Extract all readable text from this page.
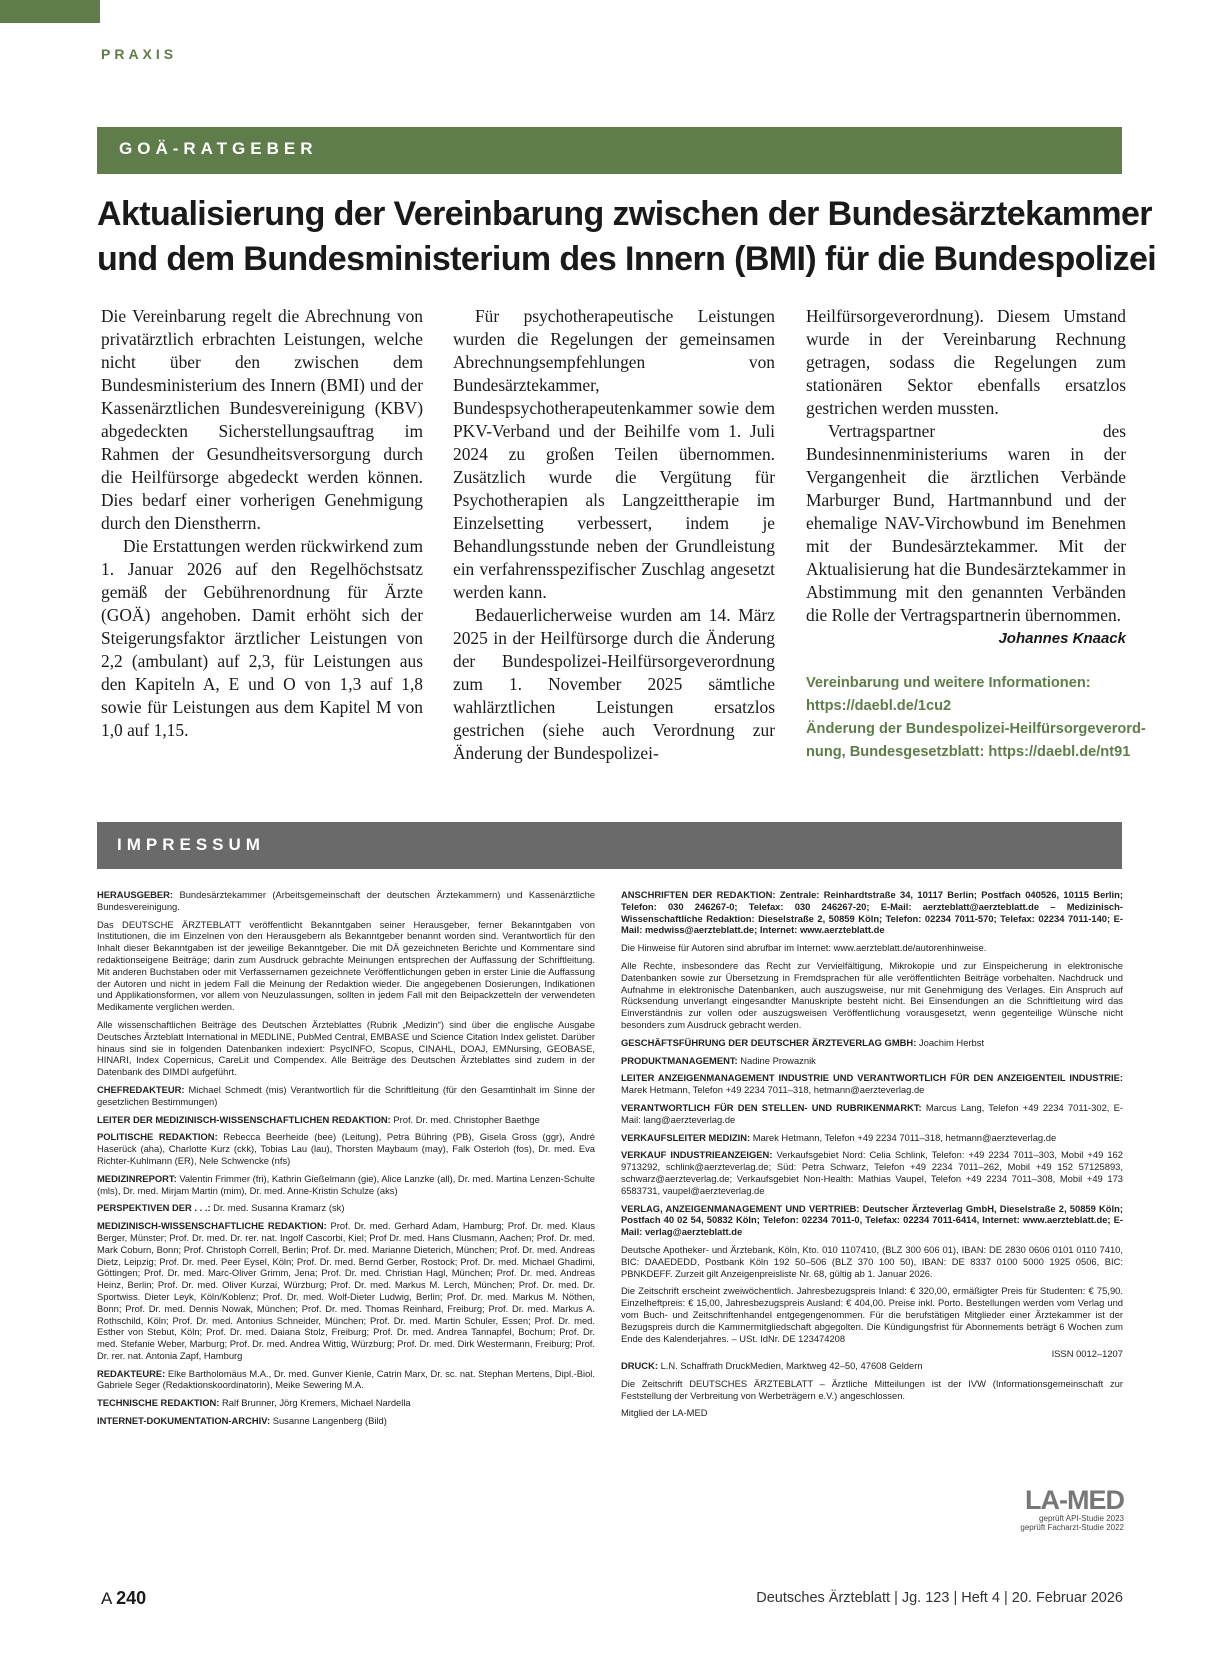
PRAXIS
GOÄ-RATGEBER
Aktualisierung der Vereinbarung zwischen der Bundesärztekammer
und dem Bundesministerium des Innern (BMI) für die Bundespolizei

Die Vereinbarung regelt die Abrechnung von privatärztlich erbrachten Leistungen, welche nicht über den zwischen dem Bundesministerium des Innern (BMI) und der Kassenärztlichen Bundesvereinigung (KBV) abgedeckten Sicherstellungsauftrag im Rahmen der Gesundheitsversorgung durch die Heilfürsorge abgedeckt werden können. Dies bedarf einer vorherigen Genehmigung durch den Dienstherrn.

Die Erstattungen werden rückwirkend zum 1. Januar 2026 auf den Regelhöchstsatz gemäß der Gebührenordnung für Ärzte (GOÄ) angehoben. Damit erhöht sich der Steigerungsfaktor ärztlicher Leistungen von 2,2 (ambulant) auf 2,3, für Leistungen aus den Kapiteln A, E und O von 1,3 auf 1,8 sowie für Leistungen aus dem Kapitel M von 1,0 auf 1,15.

Für psychotherapeutische Leistungen wurden die Regelungen der gemeinsamen Abrechnungsempfehlungen von Bundesärztekammer, Bundespsychotherapeutenkammer sowie dem PKV-Verband und der Beihilfe vom 1. Juli 2024 zu großen Teilen übernommen. Zusätzlich wurde die Vergütung für Psychotherapien als Langzeittherapie im Einzelsetting verbessert, indem je Behandlungsstunde neben der Grundleistung ein verfahrensspezifischer Zuschlag angesetzt werden kann.

Bedauerlicherweise wurden am 14. März 2025 in der Heilfürsorge durch die Änderung der Bundespolizei-Heilfürsorgeverordnung zum 1. November 2025 sämtliche wahlärztlichen Leistungen ersatzlos gestrichen (siehe auch Verordnung zur Änderung der Bundespolizei-

Heilfürsorgeverordnung). Diesem Umstand wurde in der Vereinbarung Rechnung getragen, sodass die Regelungen zum stationären Sektor ebenfalls ersatzlos gestrichen werden mussten.

Vertragspartner des Bundesinnenministeriums waren in der Vergangenheit die ärztlichen Verbände Marburger Bund, Hartmannbund und der ehemalige NAV-Virchowbund im Benehmen mit der Bundesärztekammer. Mit der Aktualisierung hat die Bundesärztekammer in Abstimmung mit den genannten Verbänden die Rolle der Vertragspartnerin übernommen.
Johannes Knaack

Vereinbarung und weitere Informationen:
https://daebl.de/1cu2
Änderung der Bundespolizei-Heilfürsorgeverord-
nung, Bundesgesetzblatt: https://daebl.de/nt91
IMPRESSUM

HERAUSGEBER: Bundesärztekammer (Arbeitsgemeinschaft der deutschen Ärztekammern) und Kassenärztliche Bundesvereinigung.

Das DEUTSCHE ÄRZTEBLATT veröffentlicht Bekanntgaben seiner Herausgeber, ferner Bekanntgaben von Institutionen, die im Einzelnen von den Herausgebern als Bekanntgeber benannt worden sind. Verantwortlich für den Inhalt dieser Bekanntgaben ist der jeweilige Bekanntgeber. Die mit DÄ gezeichneten Berichte und Kommentare sind redaktionseigene Beiträge; darin zum Ausdruck gebrachte Meinungen entsprechen der Auffassung der Schriftleitung. Mit anderen Buchstaben oder mit Verfassernamen gezeichnete Veröffentlichungen geben in erster Linie die Auffassung der Autoren und nicht in jedem Fall die Meinung der Redaktion wieder. Die angegebenen Dosierungen, Indikationen und Applikationsformen, vor allem von Neuzulassungen, sollten in jedem Fall mit den Beipackzetteln der verwendeten Medikamente verglichen werden.

Alle wissenschaftlichen Beiträge des Deutschen Ärzteblattes (Rubrik „Medizin“) sind über die englische Ausgabe Deutsches Ärzteblatt International in MEDLINE, PubMed Central, EMBASE und Science Citation Index gelistet. Darüber hinaus sind sie in folgenden Datenbanken indexiert: PsycINFO, Scopus, CINAHL, DOAJ, EMNursing, GEOBASE, HINARI, Index Copernicus, CareLit und Compendex. Alle Beiträge des Deutschen Ärzteblattes sind zudem in der Datenbank des DIMDI aufgeführt.

CHEFREDAKTEUR: Michael Schmedt (mis) Verantwortlich für die Schriftleitung (für den Gesamtinhalt im Sinne der gesetzlichen Bestimmungen)

LEITER DER MEDIZINISCH-WISSENSCHAFTLICHEN REDAKTION: Prof. Dr. med. Christopher Baethge

POLITISCHE REDAKTION: Rebecca Beerheide (bee) (Leitung), Petra Bühring (PB), Gisela Gross (ggr), André Haserück (aha), Charlotte Kurz (ckk), Tobias Lau (lau), Thorsten Maybaum (may), Falk Osterloh (fos), Dr. med. Eva Richter-Kuhlmann (ER), Nele Schwencke (nfs)

MEDIZINREPORT: Valentin Frimmer (fri), Kathrin Gießelmann (gie), Alice Lanzke (all), Dr. med. Martina Lenzen-Schulte (mls), Dr. med. Mirjam Martin (mim), Dr. med. Anne-Kristin Schulze (aks)

PERSPEKTIVEN DER . . .: Dr. med. Susanna Kramarz (sk)

MEDIZINISCH-WISSENSCHAFTLICHE REDAKTION: Prof. Dr. med. Gerhard Adam, Hamburg; Prof. Dr. med. Klaus Berger, Münster; Prof. Dr. med. Dr. rer. nat. Ingolf Cascorbi, Kiel; Prof Dr. med. Hans Clusmann, Aachen; Prof. Dr. med. Mark Coburn, Bonn; Prof. Christoph Correll, Berlin; Prof. Dr. med. Marianne Dieterich, München; Prof. Dr. med. Andreas Dietz, Leipzig; Prof. Dr. med. Peer Eysel, Köln; Prof. Dr. med. Bernd Gerber, Rostock; Prof. Dr. med. Michael Ghadimi, Göttingen; Prof. Dr. med. Marc-Oliver Grimm, Jena; Prof. Dr. med. Christian Hagl, München; Prof. Dr. med. Andreas Heinz, Berlin; Prof. Dr. med. Oliver Kurzai, Würzburg; Prof. Dr. med. Markus M. Lerch, München; Prof. Dr. med. Dr. Sportwiss. Dieter Leyk, Köln/Koblenz; Prof. Dr. med. Wolf-Dieter Ludwig, Berlin; Prof. Dr. med. Markus M. Nöthen, Bonn; Prof. Dr. med. Dennis Nowak, München; Prof. Dr. med. Thomas Reinhard, Freiburg; Prof. Dr. med. Markus A. Rothschild, Köln; Prof. Dr. med. Antonius Schneider, München; Prof. Dr. med. Martin Schuler, Essen; Prof. Dr. med. Esther von Stebut, Köln; Prof. Dr. med. Daiana Stolz, Freiburg; Prof. Dr. med. Andrea Tannapfel, Bochum; Prof. Dr. med. Stefanie Weber, Marburg; Prof. Dr. med. Andrea Wittig, Würzburg; Prof. Dr. med. Dirk Westermann, Freiburg; Prof. Dr. rer. nat. Antonia Zapf, Hamburg

REDAKTEURE: Elke Bartholomäus M.A., Dr. med. Gunver Kienle, Catrin Marx, Dr. sc. nat. Stephan Mertens, Dipl.-Biol. Gabriele Seger (Redaktionskoordinatorin), Meike Sewering M.A.

TECHNISCHE REDAKTION: Ralf Brunner, Jörg Kremers, Michael Nardella

INTERNET-DOKUMENTATION-ARCHIV: Susanne Langenberg (Bild)

ANSCHRIFTEN DER REDAKTION: Zentrale: Reinhardtstraße 34, 10117 Berlin; Postfach 040526, 10115 Berlin; Telefon: 030 246267-0; Telefax: 030 246267-20; E-Mail: aerzteblatt@aerzteblatt.de – Medizinisch-Wissenschaftliche Redaktion: Dieselstraße 2, 50859 Köln; Telefon: 02234 7011-570; Telefax: 02234 7011-140; E-Mail: medwiss@aerzteblatt.de; Internet: www.aerzteblatt.de

Die Hinweise für Autoren sind abrufbar im Internet: www.aerzteblatt.de/autorenhinweise.

Alle Rechte, insbesondere das Recht zur Vervielfältigung, Mikrokopie und zur Einspeicherung in elektronische Datenbanken sowie zur Übersetzung in Fremdsprachen für alle veröffentlichten Beiträge vorbehalten. Nachdruck und Aufnahme in elektronische Datenbanken, auch auszugsweise, nur mit Genehmigung des Verlages. Ein Anspruch auf Rücksendung unverlangt eingesandter Manuskripte besteht nicht. Bei Einsendungen an die Schriftleitung wird das Einverständnis zur vollen oder auszugsweisen Veröffentlichung vorausgesetzt, wenn gegenteilige Wünsche nicht besonders zum Ausdruck gebracht werden.

GESCHÄFTSFÜHRUNG DER DEUTSCHER ÄRZTEVERLAG GMBH: Joachim Herbst

PRODUKTMANAGEMENT: Nadine Prowaznik

LEITER ANZEIGENMANAGEMENT INDUSTRIE UND VERANTWORTLICH FÜR DEN ANZEIGENTEIL INDUSTRIE: Marek Hetmann, Telefon +49 2234 7011–318, hetmann@aerzteverlag.de

VERANTWORTLICH FÜR DEN STELLEN- UND RUBRIKENMARKT: Marcus Lang, Telefon +49 2234 7011-302, E-Mail: lang@aerzteverlag.de

VERKAUFSLEITER MEDIZIN: Marek Hetmann, Telefon +49 2234 7011–318, hetmann@aerzteverlag.de

VERKAUF INDUSTRIEANZEIGEN: Verkaufsgebiet Nord: Celia Schlink, Telefon: +49 2234 7011–303, Mobil +49 162 9713292, schlink@aerzteverlag.de; Süd: Petra Schwarz, Telefon +49 2234 7011–262, Mobil +49 152 57125893, schwarz@aerzteverlag.de; Verkaufsgebiet Non-Health: Mathias Vaupel, Telefon +49 2234 7011–308, Mobil +49 173 6583731, vaupel@aerzteverlag.de

VERLAG, ANZEIGENMANAGEMENT UND VERTRIEB: Deutscher Ärzteverlag GmbH, Dieselstraße 2, 50859 Köln; Postfach 40 02 54, 50832 Köln; Telefon: 02234 7011-0, Telefax: 02234 7011-6414, Internet: www.aerzteblatt.de; E-Mail: verlag@aerzteblatt.de

Deutsche Apotheker- und Ärztebank, Köln, Kto. 010 1107410, (BLZ 300 606 01), IBAN: DE 2830 0606 0101 0110 7410, BIC: DAAEDEDD, Postbank Köln 192 50–506 (BLZ 370 100 50), IBAN: DE 8337 0100 5000 1925 0506, BIC: PBNKDEFF. Zurzeit gilt Anzeigenpreisliste Nr. 68, gültig ab 1. Januar 2026.

Die Zeitschrift erscheint zweiwöchentlich. Jahresbezugspreis Inland: € 320,00, ermäßigter Preis für Studenten: € 75,90. Einzelheftpreis: € 15,00, Jahresbezugspreis Ausland: € 404,00. Preise inkl. Porto. Bestellungen werden vom Verlag und vom Buch- und Zeitschriftenhandel entgegengenommen. Für die berufstätigen Mitglieder einer Ärztekammer ist der Bezugspreis durch die Kammermitgliedschaft abgegolten. Die Kündigungsfrist für Abonnements beträgt 6 Wochen zum Ende des Kalenderjahres. – USt. IdNr. DE 123474208

ISSN 0012–1207

DRUCK: L.N. Schaffrath DruckMedien, Marktweg 42–50, 47608 Geldern

Die Zeitschrift DEUTSCHES ÄRZTEBLATT – Ärztliche Mitteilungen ist der IVW (Informationsgemeinschaft zur Feststellung der Verbreitung von Werbeträgern e.V.) angeschlossen.

Mitglied der LA-MED

LA-MED
geprüft API-Studie 2023
geprüft Facharzt-Studie 2022
A 240	Deutsches Ärzteblatt | Jg. 123 | Heft 4 | 20. Februar 2026
